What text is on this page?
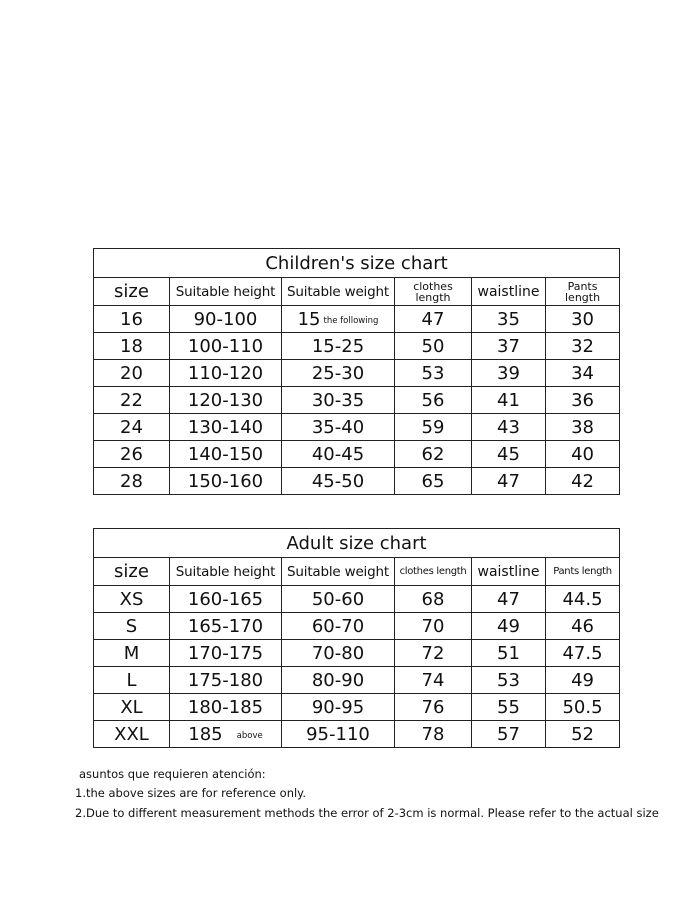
Children's size chart					
size	Suitable height	Suitable weight	clothes length	waistline	Pants length
16	90-100	15 $^{the following}$	47	35	30
18	100-110	15-25	50	37	32
20	110-120	25-30	53	39	34
22	120-130	30-35	56	41	36
24	130-140	35-40	59	43	38
26	140-150	40-45	62	45	40
28	150-160	45-50	65	47	42
Adult size chart					
size	Suitable height	Suitable weight	clothes length	waistline	Pants length
XS	160-165	50-60	68	47	44.5
S	165-170	60-70	70	49	46
M	170-175	70-80	72	51	47.5
L	175-180	80-90	74	53	49
XL	180-185	90-95	76	55	50.5
XXL	185 $^{above}$	95-110	78	57	52
asuntos que requieren atención:
1.the above sizes are for reference only.
2.Due to different measurement methods the error of 2-3cm is normal. Please refer to the actual size
